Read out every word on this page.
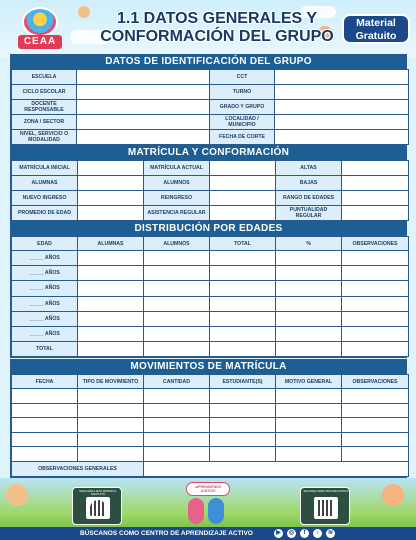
CEAA
1.1 DATOS GENERALES Y
CONFORMACIÓN DEL GRUPO
Material
Gratuito
DATOS DE IDENTIFICACIÓN DEL GRUPO
ESCUELA		CCT	
CICLO ESCOLAR		TURNO	
DOCENTE RESPONSABLE		GRADO Y GRUPO	
ZONA / SECTOR		LOCALIDAD / MUNICIPIO	
NIVEL, SERVICIO O MODALIDAD		FECHA DE CORTE	
MATRÍCULA Y CONFORMACIÓN
MATRÍCULA INICIAL		MATRÍCULA ACTUAL		ALTAS	
ALUMNAS		ALUMNOS		BAJAS	
NUEVO INGRESO		REINGRESO		RANGO DE EDADES	
PROMEDIO DE EDAD		ASISTENCIA REGULAR		PUNTUALIDAD REGULAR	
DISTRIBUCIÓN POR EDADES
EDAD	ALUMNAS	ALUMNOS	TOTAL	%	OBSERVACIONES
_____ AÑOS					
_____ AÑOS					
_____ AÑOS					
_____ AÑOS					
_____ AÑOS					
_____ AÑOS					
TOTAL					
MOVIMIENTOS DE MATRÍCULA
FECHA	TIPO DE MOVIMIENTO	CANTIDAD	ESTUDIANTE(S)	MOTIVO GENERAL	OBSERVACIONES

OBSERVACIONES GENERALES					
DESCARGA MÁS MATERIAL GRATUITO
¡APRENDIENDO JUNTOS!	ESCANEA PARA MÁS RECURSOS
BÚSCANOS COMO CENTRO DE APRENDIZAJE ACTIVO	▶	◎	f	♪	≋
